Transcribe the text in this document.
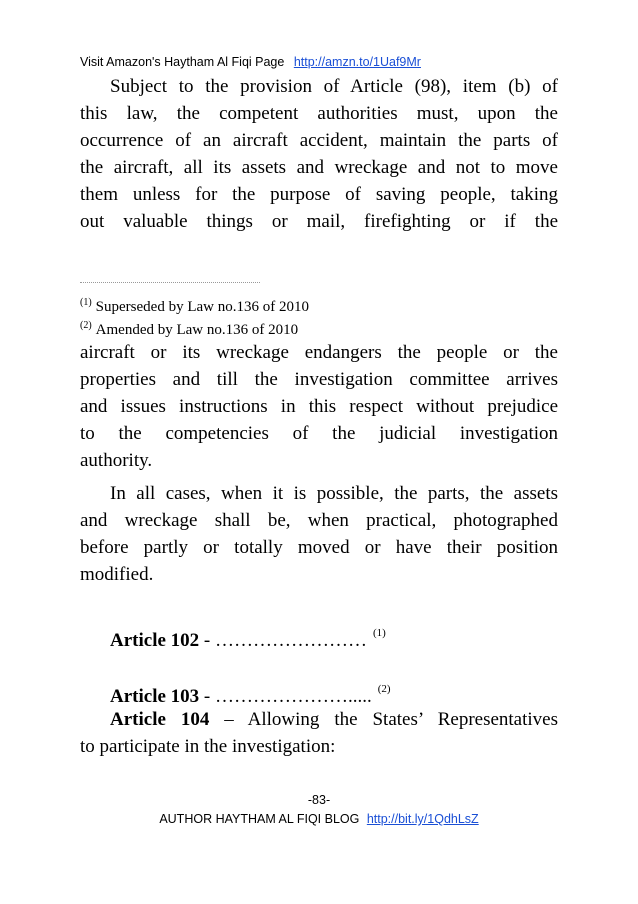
Visit Amazon's Haytham Al Fiqi Page http://amzn.to/1Uaf9Mr
Subject to the provision of Article (98), item (b) of
this law, the competent authorities must, upon the
occurrence of an aircraft accident, maintain the parts of
the aircraft, all its assets and wreckage and not to move
them unless for the purpose of saving people, taking
out valuable things or mail, firefighting or if the
$^{(1)}$ Superseded by Law no.136 of 2010
$^{(2)}$ Amended by Law no.136 of 2010
aircraft or its wreckage endangers the people or the
properties and till the investigation committee arrives
and issues instructions in this respect without prejudice
to the competencies of the judicial investigation
authority.
In all cases, when it is possible, the parts, the assets
and wreckage shall be, when practical, photographed
before partly or totally moved or have their position
modified.
Article 102 - …………………… $^{(1)}$
Article 103 - …………………..... $^{(2)}$
Article 104 – Allowing the States’ Representatives
to participate in the investigation:
-83-
AUTHOR HAYTHAM AL FIQI BLOG http://bit.ly/1QdhLsZ
